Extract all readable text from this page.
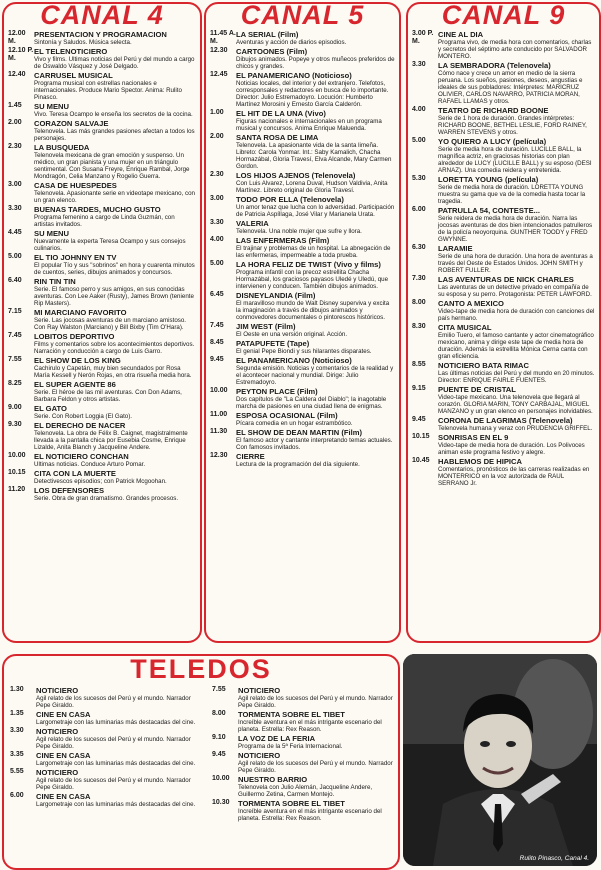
CANAL 4
12.00 M.
PRESENTACION Y PROGRAMACION
Sintonía y Saludos. Música selecta.
12.10 P. M.
EL TELENOTICIERO
Vivo y films. Ultimas noticias del Perú y del mundo a cargo de Oswaldo Vásquez y José Delgado.
12.40	CARRUSEL MUSICAL
Programa musical con estrellas nacionales e internacionales. Produce Mario Spector. Anima: Rulito Pinasco.
1.45	SU MENU
Vivo. Teresa Ocampo le enseña los secretos de la cocina.
2.00	CORAZON SALVAJE
Telenovela. Las más grandes pasiones afectan a todos los personajes.
2.30	LA BUSQUEDA
Telenovela mexicana de gran emoción y suspenso. Un médico, un gran pianista y una mujer en un triángulo sentimental. Con Susana Freyre, Enrique Rambal, Jorge Mondragón, Celia Manzano y Rogelio Guerra.
3.00	CASA DE HUESPEDES
Telenovela. Apasionante serie en videotape mexicano, con un gran elenco.
3.30	BUENAS TARDES, MUCHO GUSTO
Programa femenino a cargo de Linda Guzmán, con artistas invitados.
4.45	SU MENU
Nuevamente la experta Teresa Ocampo y sus consejos culinarios.
5.00	EL TIO JOHNNY EN TV
El popular Tío y sus "sobrinos" en hora y cuarenta minutos de cuentos, series, dibujos animados y concursos.
6.40	RIN TIN TIN
Serie. El famoso perro y sus amigos, en sus conocidas aventuras. Con Lee Aaker (Rusty), James Brown (teniente Rip Masters).
7.15	MI MARCIANO FAVORITO
Serie. Las jocosas aventuras de un marciano amistoso. Con Ray Walston (Marciano) y Bill Bixby (Tim O'Hara).
7.45	LOBITOS DEPORTIVO
Films y comentarios sobre los acontecimientos deportivos. Narración y conducción a cargo de Luis Garro.
7.55	EL SHOW DE LOS KING
Cachirulo y Capetán, muy bien secundados por Rosa María Kessell y Nerón Rojas, en otra risueña media hora.
8.25	EL SUPER AGENTE 86
Serie. El héroe de las mil aventuras. Con Don Adams, Barbara Feldon y otros artistas.
9.00	EL GATO
Serie. Con Robert Loggia (El Gato).
9.30	EL DERECHO DE NACER
Telenovela. La obra de Félix B. Caignet, magistralmente llevada a la pantalla chica por Eusebia Cosme, Enrique Lizalde, Anita Blanch y Jacqueline Andere.
10.00	EL NOTICIERO CONCHAN
Ultimas noticias. Conduce Arturo Pomar.
10.15	CITA CON LA MUERTE
Detectivescos episodios; con Patrick Mcgoohan.
11.20	LOS DEFENSORES
Serie. Obra de gran dramatismo. Grandes procesos.
CANAL 5
11.45 A. M.
LA SERIAL (Film)
Aventuras y acción de diarios episodios.
12.30	CARTOONES (Film)
Dibujos animados. Popeye y otros muñecos preferidos de chicos y grandes.
12.45	EL PANAMERICANO (Noticioso)
Noticias locales, del interior y del extranjero. Telefotos, corresponsales y redactores en busca de lo importante. Director: Julio Estremadoyro. Locución: Humberto Martínez Morosini y Ernesto García Calderón.
1.00	EL HIT DE LA UNA (Vivo)
Figuras nacionales e internacionales en un programa musical y concursos. Anima Enrique Maluenda.
2.00	SANTA ROSA DE LIMA
Telenovela. La apasionante vida de la santa limeña. Libreto: Carola Yonmar. Int.: Saby Kamalich, Chacha Hormazábal, Gloria Travesí, Elva Alcande, Mary Carmen Gordon.
2.30	LOS HIJOS AJENOS (Telenovela)
Con Luis Alvarez, Lorena Duval, Hudson Valdivia, Anita Martínez. Libreto original de Gloria Travesí.
3.00	TODO POR ELLA (Telenovela)
Un amor tenaz que lucha con lo adversidad. Participación de Patricia Aspíllaga, José Vilar y Marianela Urata.
3.30	VALERIA
Telenovela. Una noble mujer que sufre y llora.
4.00	LAS ENFERMERAS (Film)
El trajinar y problemas de un hospital. La abnegación de las enfermeras, impermeable a toda prueba.
5.00	LA HORA FELIZ DE TWIST (Vivo y films)
Programa infantil con la precoz estrellita Chacha Hormazábal, los graciosos payasos Uledé y Uledú, que intervienen y conducen. También dibujos animados.
6.45	DISNEYLANDIA (Film)
El maravilloso mundo de Walt Disney superviva y excita la imaginación a través de dibujos animados y conmovedores documentales o pintorescos históricos.
7.45	JIM WEST (Film)
El Oeste en una versión original. Acción.
8.45	PATAPUFETE (Tape)
El genial Pepe Biondi y sus hilarantes disparates.
9.45	EL PANAMERICANO (Noticioso)
Segunda emisión. Noticias y comentarios de la realidad y el acontecer nacional y mundial. Dirige: Julio Estremadoyro.
10.00	PEYTON PLACE (Film)
Dos capítulos de "La Caldera del Diablo"; la inagotable marcha de pasiones en una ciudad llena de enigmas.
11.00	ESPOSA OCASIONAL (Film)
Pícara comedia en un hogar estrambótico.
11.30	EL SHOW DE DEAN MARTIN (Film)
El famoso actor y cantante interpretando temas actuales. Con famosos invitados.
12.30	CIERRE
Lectura de la programación del día siguiente.
CANAL 9
3.00 P. M.
CINE AL DIA
Programa vivo, de media hora con comentarios, charlas y secretos del séptimo arte conducido por SALVADOR MONTERO.
3.30	LA SEMBRADORA (Telenovela)
Cómo nace y crece un amor en medio de la sierra peruana. Los sueños, pasiones, deseos, angustias e ideales de sus pobladores: Intérpretes: MARICRUZ OLIVIER, CARLOS NAVARRO, PATRICIA MORAN, RAFAEL LLAMAS y otros.
4.00	TEATRO DE RICHARD BOONE
Serie de 1 hora de duración. Grandes intérpretes: RICHARD BOONE, BETHEL LESLIE, FORD RAINEY, WARREN STEVENS y otros.
5.00	YO QUIERO A LUCY (película)
Serie de media hora de duración. LUCILLE BALL, la magnífica actriz, en graciosas historias con plan alrededor de LUCY (LUCILLE BALL) y su esposo (DESI ARNAZ). Una comedia reidera y entretenida.
5.30	LORETTA YOUNG (película)
Serie de media hora de duración. LORETTA YOUNG muestra su gama que va de la comedia hasta tocar la tragedia.
6.00	PATRULLA 54, CONTESTE...
Serie reidera de media hora de duración. Narra las jocosas aventuras de dos bien intencionados patrulleros de la policía neoyorquina. GUNTHER TOODY y FRED GWYNNE.
6.30	LARAMIE
Serie de una hora de duración. Una hora de aventuras a través del Oeste de Estados Unidos. JOHN SMITH y ROBERT FULLER.
7.30	LAS AVENTURAS DE NICK CHARLES
Las aventuras de un detective privado en compañía de su esposa y su perro. Protagonista: PETER LAWFORD.
8.00	CANTO A MEXICO
Video-tape de media hora de duración con canciones del país hermano.
8.30	CITA MUSICAL
Emilio Tuero, el famoso cantante y actor cinematográfico mexicano, anima y dirige este tape de media hora de duración. Además la estrellita Mónica Cerna canta con gran eficiencia.
8.55	NOTICIERO BATA RIMAC
Las últimas noticias del Perú y del mundo en 20 minutos. Director: ENRIQUE FAIRLE FUENTES.
9.15	PUENTE DE CRISTAL
Video-tape mexicano. Una telenovela que llegará al corazón. GLORIA MARIN, TONY CARBAJAL, MIGUEL MANZANO y un gran elenco en personajes inolvidables.
9.45	CORONA DE LAGRIMAS (Telenovela)
Telenovela humana y veraz con PRUDENCIA GRIFFEL.
10.15	SONRISAS EN EL 9
Video-tape de media hora de duración. Los Polivoces animan este programa festivo y alegre.
10.45	HABLEMOS DE HIPICA
Comentarios, pronósticos de las carreras realizadas en MONTERRICO en la voz autorizada de RAUL SERRANO Jr.
TELEDOS
1.30	NOTICIERO
Agil relato de los sucesos del Perú y el mundo. Narrador Pepe Giraldo.
1.35	CINE EN CASA
Largometraje con las luminarias más destacadas del cine.
3.30	NOTICIERO
Agil relato de los sucesos del Perú y el mundo. Narrador Pepe Giraldo.
3.35	CINE EN CASA
Largometraje con las luminarias más destacadas del cine.
5.55	NOTICIERO
Agil relato de los sucesos del Perú y el mundo. Narrador Pepe Giraldo.
6.00	CINE EN CASA
Largometraje con las luminarias más destacadas del cine.
7.55	NOTICIERO
Agil relato de los sucesos del Perú y el mundo. Narrador Pepe Giraldo.
8.00	TORMENTA SOBRE EL TIBET
Increíble aventura en el más intrigante escenario del planeta. Estrella: Rex Reason.
9.10	LA VOZ DE LA FERIA
Programa de la 5ª Feria Internacional.
9.45	NOTICIERO
Agil relato de los sucesos del Perú y el mundo. Narrador Pepe Giraldo.
10.00	NUESTRO BARRIO
Telenovela con Julio Alemán, Jacqueline Andere, Guillermo Zetina, Carmen Montejo.
10.30	TORMENTA SOBRE EL TIBET
Increíble aventura en el más intrigante escenario del planeta. Estrella: Rex Reason.
Rulito Pinasco, Canal 4.
